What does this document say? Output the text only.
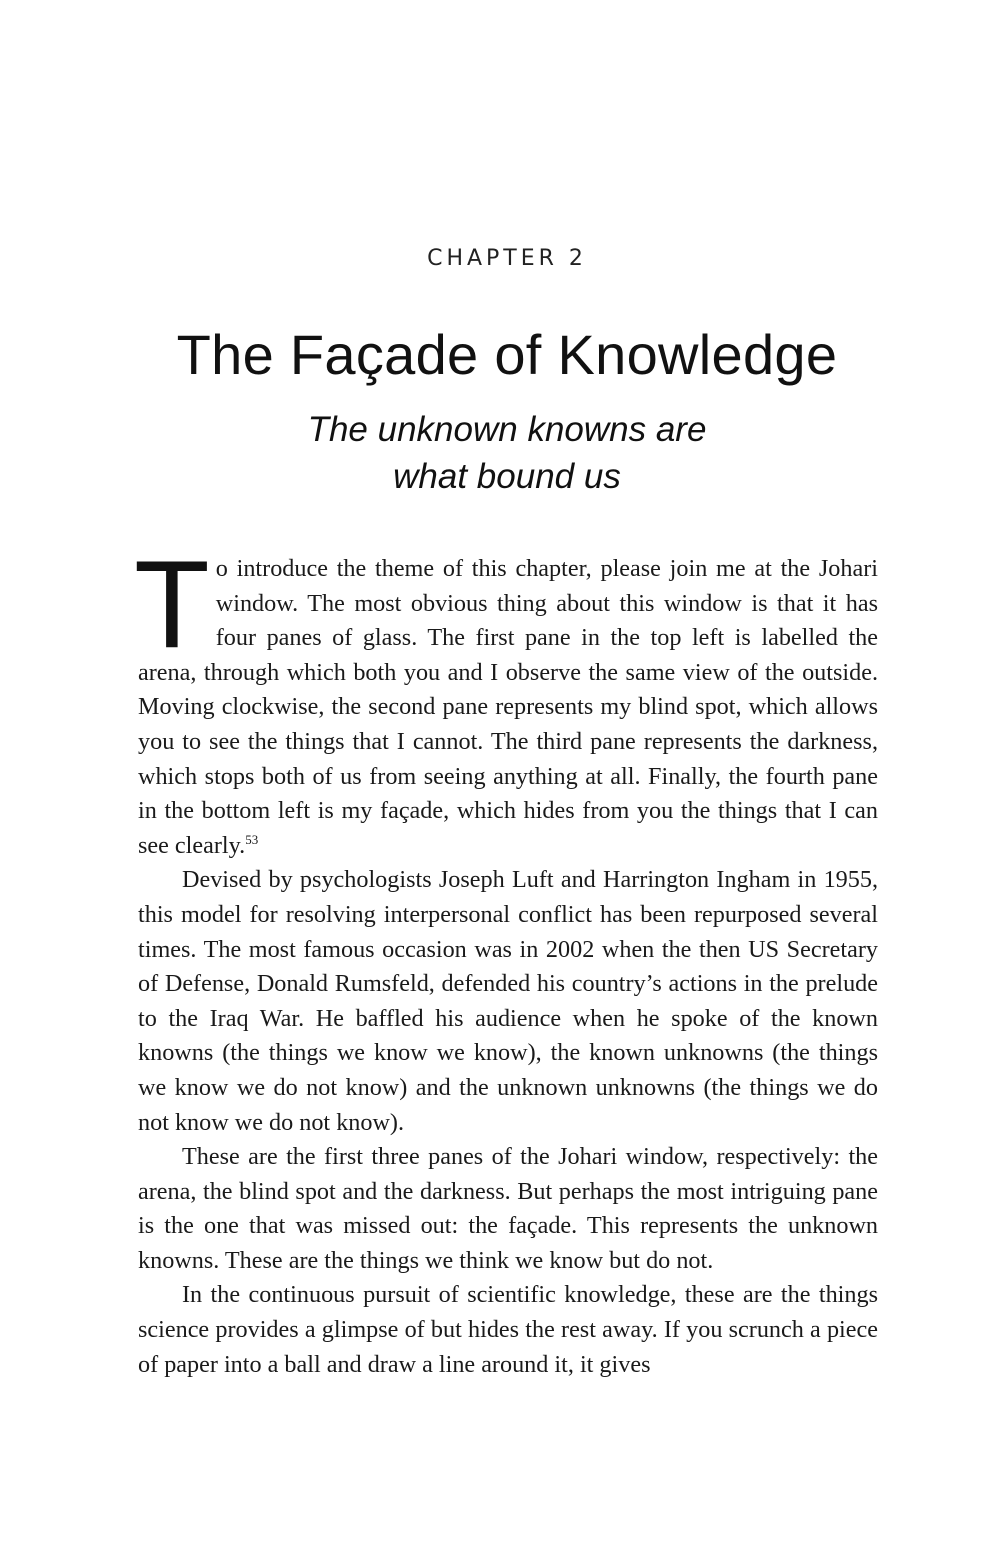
CHAPTER 2
The Façade of Knowledge
The unknown knowns are
what bound us

To introduce the theme of this chapter, please join me at the Johari window. The most obvious thing about this window is that it has four panes of glass. The first pane in the top left is labelled the arena, through which both you and I observe the same view of the outside. Moving clockwise, the second pane represents my blind spot, which allows you to see the things that I cannot. The third pane represents the darkness, which stops both of us from seeing anything at all. Finally, the fourth pane in the bottom left is my façade, which hides from you the things that I can see clearly.$^{53}$

Devised by psychologists Joseph Luft and Harrington Ingham in 1955, this model for resolving interpersonal conflict has been repurposed several times. The most famous occasion was in 2002 when the then US Secretary of Defense, Donald Rumsfeld, defended his country’s actions in the prelude to the Iraq War. He baffled his audience when he spoke of the known knowns (the things we know we know), the known unknowns (the things we know we do not know) and the unknown unknowns (the things we do not know we do not know).

These are the first three panes of the Johari window, respectively: the arena, the blind spot and the darkness. But perhaps the most intriguing pane is the one that was missed out: the façade. This represents the unknown knowns. These are the things we think we know but do not.

In the continuous pursuit of scientific knowledge, these are the things science provides a glimpse of but hides the rest away. If you scrunch a piece of paper into a ball and draw a line around it, it gives
